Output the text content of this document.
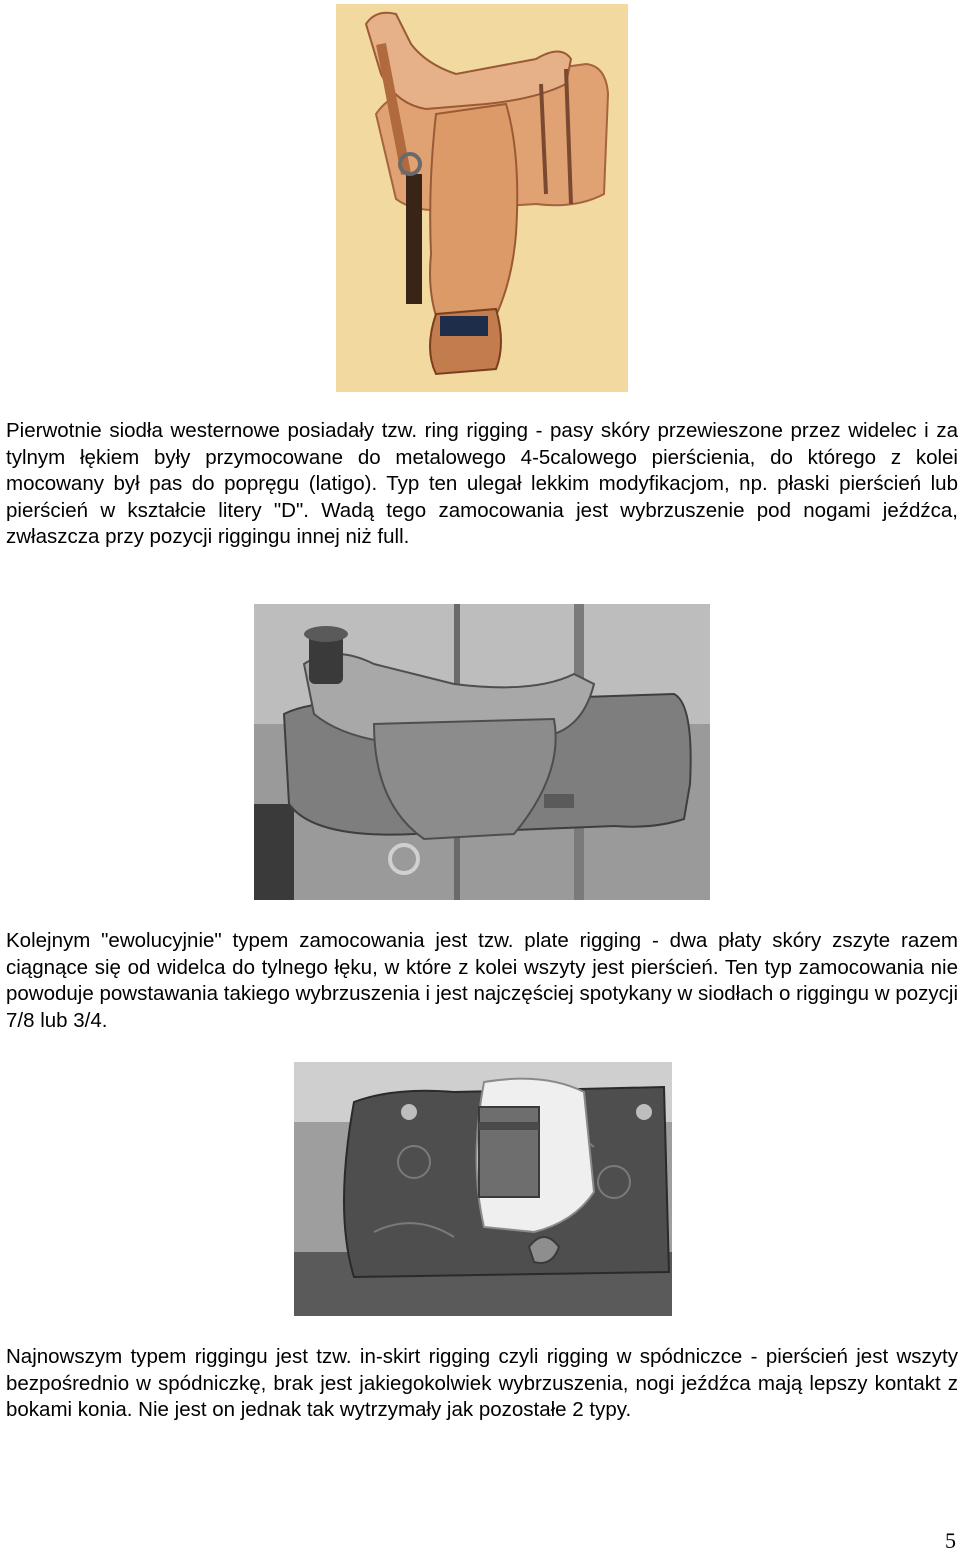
Pierwotnie siodła westernowe posiadały tzw. ring rigging - pasy skóry przewieszone przez widelec i za tylnym łękiem były przymocowane do metalowego 4-5calowego pierścienia, do którego z kolei mocowany był pas do popręgu (latigo). Typ ten ulegał lekkim modyfikacjom, np. płaski pierścień lub pierścień w kształcie litery "D". Wadą tego zamocowania jest wybrzuszenie pod nogami jeźdźca, zwłaszcza przy pozycji riggingu innej niż full.

Kolejnym "ewolucyjnie" typem zamocowania jest tzw. plate rigging - dwa płaty skóry zszyte razem ciągnące się od widelca do tylnego łęku, w które z kolei wszyty jest pierścień. Ten typ zamocowania nie powoduje powstawania takiego wybrzuszenia i jest najczęściej spotykany w siodłach o riggingu w pozycji 7/8 lub 3/4.

Najnowszym typem riggingu jest tzw. in-skirt rigging czyli rigging w spódniczce - pierścień jest wszyty bezpośrednio w spódniczkę, brak jest jakiegokolwiek wybrzuszenia, nogi jeźdźca mają lepszy kontakt z bokami konia. Nie jest on jednak tak wytrzymały jak pozostałe 2 typy.

5
